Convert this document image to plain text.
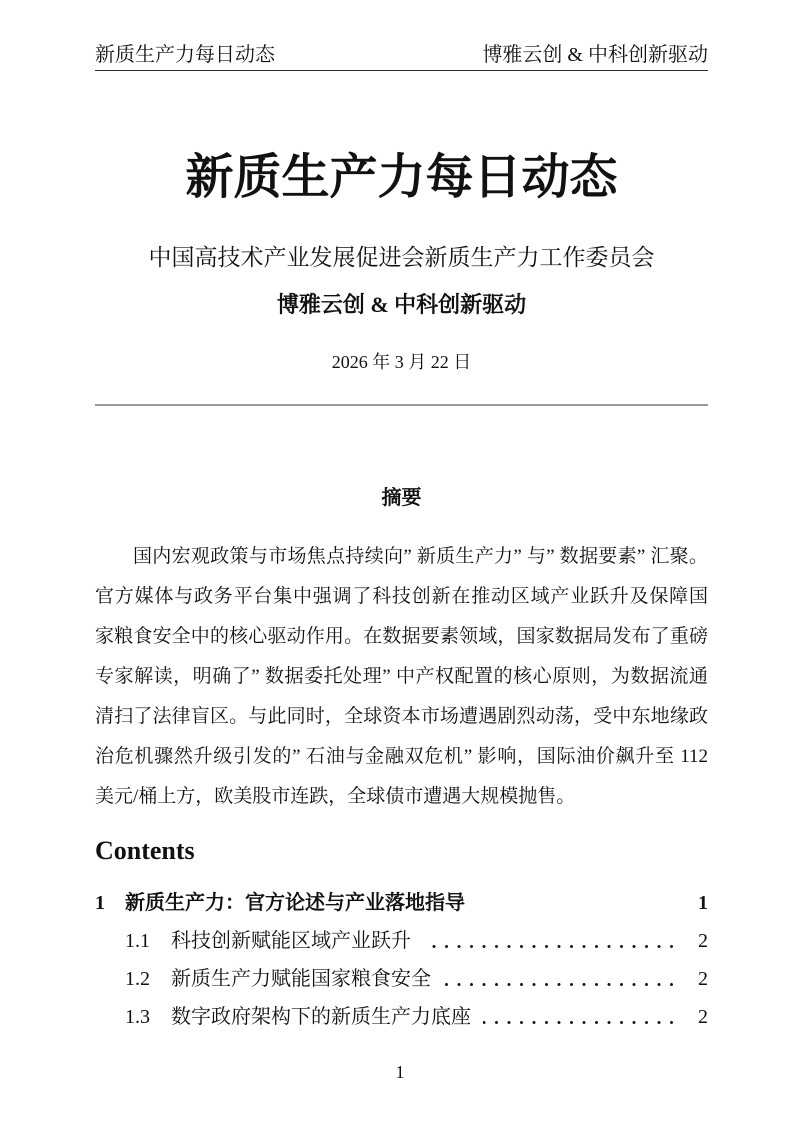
新质生产力每日动态	博雅云创 & 中科创新驱动
新质生产力每日动态
中国高技术产业发展促进会新质生产力工作委员会
博雅云创 & 中科创新驱动
2026 年 3 月 22 日
摘要
国内宏观政策与市场焦点持续向” 新质生产力” 与” 数据要素” 汇聚。
官方媒体与政务平台集中强调了科技创新在推动区域产业跃升及保障国
家粮食安全中的核心驱动作用。在数据要素领域，国家数据局发布了重磅
专家解读，明确了” 数据委托处理” 中产权配置的核心原则，为数据流通
清扫了法律盲区。与此同时，全球资本市场遭遇剧烈动荡，受中东地缘政
治危机骤然升级引发的” 石油与金融双危机” 影响，国际油价飙升至 112
美元/桶上方，欧美股市连跌，全球债市遭遇大规模抛售。
Contents
1	新质生产力：官方论述与产业落地指导	1
1.1	科技创新赋能区域产业跃升	2
1.2	新质生产力赋能国家粮食安全	2
1.3	数字政府架构下的新质生产力底座	2
1
